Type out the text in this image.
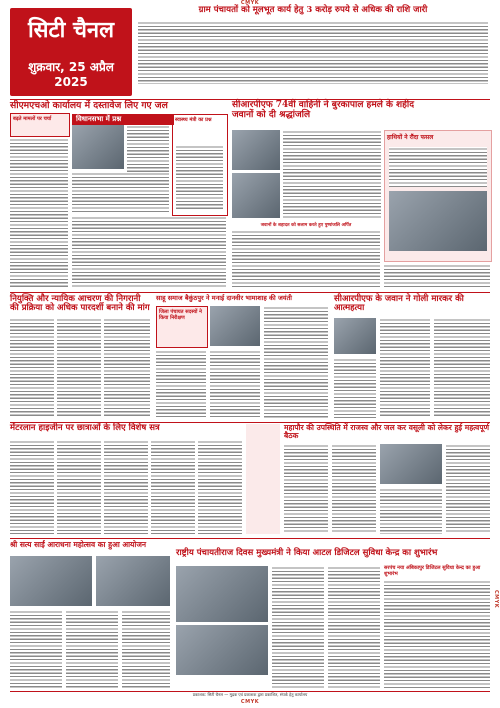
CMYK
CMYK
CMYK
सिटी चैनल
शुक्रवार, 25 अप्रैल 2025
ग्राम पंचायतों को मूलभूत कार्य हेतु 3 करोड़ रुपये से अधिक की राशि जारी
सीएमएचओ कार्यालय में दस्तावेज लिए गए जल
बढ़ते मामलों पर चर्चा	विधानसभा में प्रश्न	स्वास्थ्य मंत्री का प्रश्न
सीआरपीएफ 74वीं वाहिनी ने बुरकापाल हमले के शहीद जवानों को दी श्रद्धांजलि
हाथियों ने रौंदा फसल
जवानों के शहादत को सलाम करते हुए पुष्पांजलि अर्पित
नियुक्ति और न्यायिक आचरण की निगरानी की प्रक्रिया को अधिक पारदर्शी बनाने की मांग
साहू समाज बैकुंठपुर ने मनाई दानवीर भामाशाह की जयंती
जिला पंचायत सदस्यों ने किया निरीक्षण
सीआरपीएफ के जवान ने गोली मारकर की आत्महत्या
मेंटरलान हाइजीन पर छात्राओं के लिए विशेष सत्र	महापौर की उपस्थिति में राजस्व और जल कर वसूली को लेकर हुई महत्वपूर्ण बैठक
श्री सत्य साईं आराधना महोत्सव का हुआ आयोजन
राष्ट्रीय पंचायतीराज दिवस मुख्यमंत्री ने किया आटल डिजिटल सुविधा केन्द्र का शुभारंभ
सरपंच नया अंबिकापुर डिजिटल सुविधा केन्द्र का हुआ शुभारंभ
प्रकाशक: सिटी चैनल — मुद्रक एवं प्रकाशक द्वारा प्रकाशित, संपर्क हेतु कार्यालय
